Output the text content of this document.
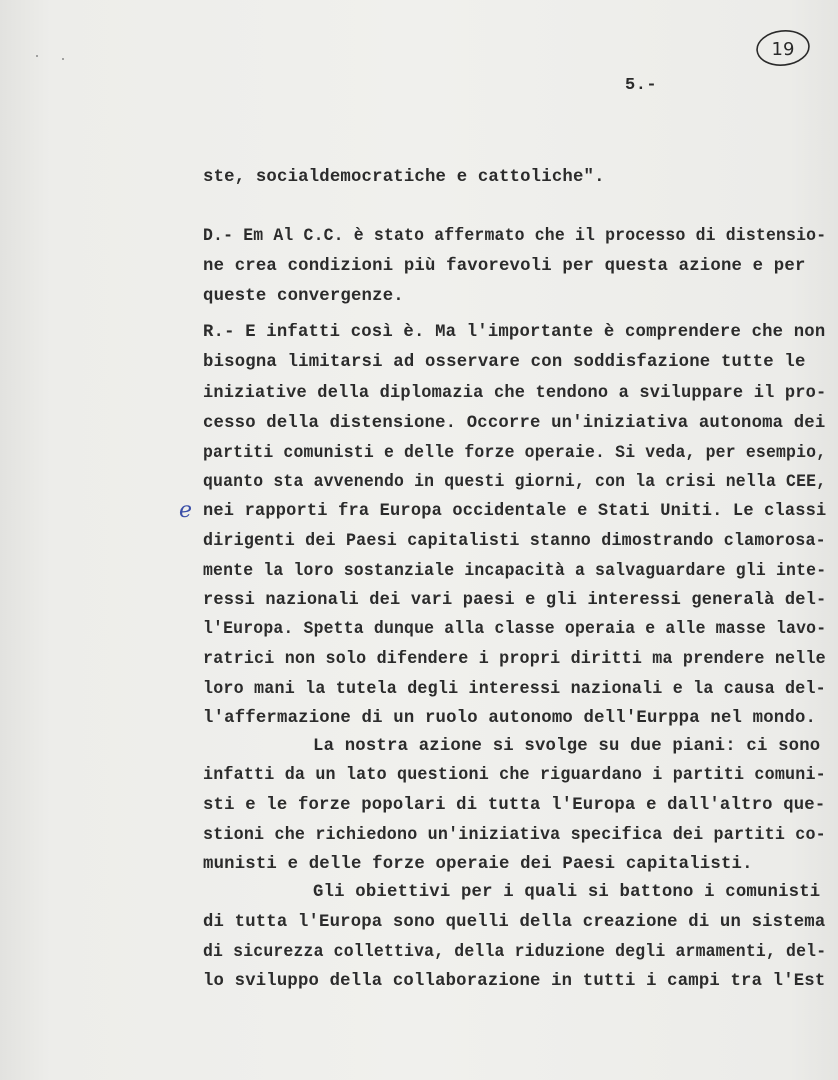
19
5.-
e
ste, socialdemocratiche e cattoliche".
D.- Em Al C.C. è stato affermato che il processo di distensio-
ne crea condizioni più favorevoli per questa azione e per
queste convergenze.
R.- E infatti così è. Ma l'importante è comprendere che non
bisogna limitarsi ad osservare con soddisfazione tutte le
iniziative della diplomazia che tendono a sviluppare il pro-
cesso della distensione. Occorre un'iniziativa autonoma dei
partiti comunisti e delle forze operaie. Si veda, per esempio,
quanto sta avvenendo in questi giorni, con la crisi nella CEE,
nei rapporti fra Europa occidentale e Stati Uniti. Le classi
dirigenti dei Paesi capitalisti stanno dimostrando clamorosa-
mente la loro sostanziale incapacità a salvaguardare gli inte-
ressi nazionali dei vari paesi e gli interessi generalà del-
l'Europa. Spetta dunque alla classe operaia e alle masse lavo-
ratrici non solo difendere i propri diritti ma prendere nelle
loro mani la tutela degli interessi nazionali e la causa del-
l'affermazione di un ruolo autonomo dell'Eurppa nel mondo.
La nostra azione si svolge su due piani: ci sono
infatti da un lato questioni che riguardano i partiti comuni-
sti e le forze popolari di tutta l'Europa e dall'altro que-
stioni che richiedono un'iniziativa specifica dei partiti co-
munisti e delle forze operaie dei Paesi capitalisti.
Gli obiettivi per i quali si battono i comunisti
di tutta l'Europa sono quelli della creazione di un sistema
di sicurezza collettiva, della riduzione degli armamenti, del-
lo sviluppo della collaborazione in tutti i campi tra l'Est
